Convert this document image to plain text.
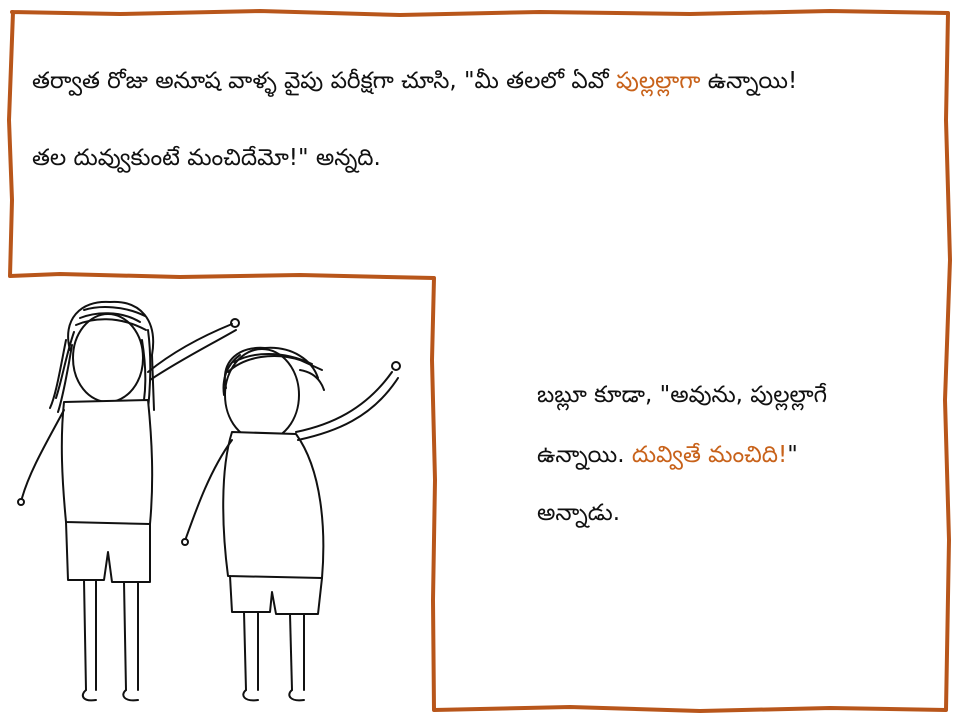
తర్వాత రోజు అనూష వాళ్ళ వైపు పరీక్షగా చూసి, "మీ తలలో ఏవో పుల్లల్లాగా ఉన్నాయి!

తల దువ్వుకుంటే మంచిదేమో!" అన్నది.

బబ్లూ కూడా, "అవును, పుల్లల్లాగే

ఉన్నాయి. దువ్వితే మంచిది!"

అన్నాడు.
